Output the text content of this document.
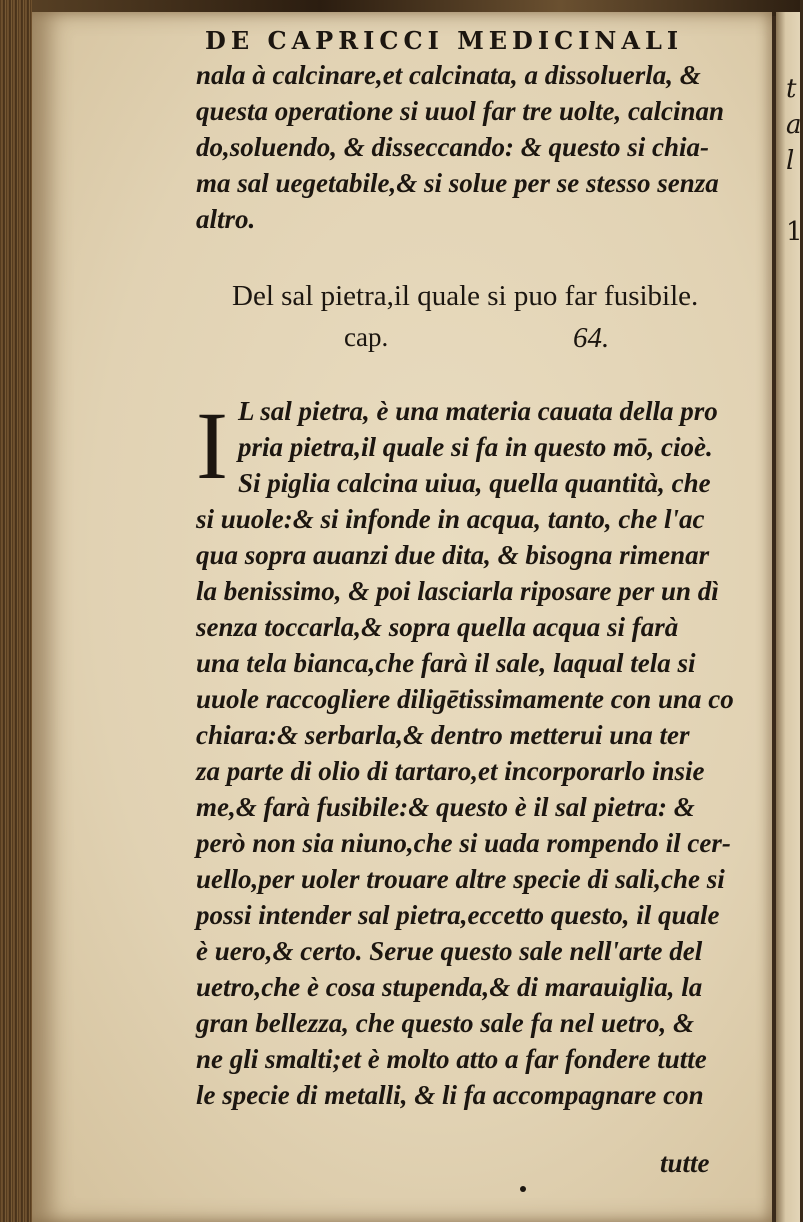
t
a
l
1
DE CAPRICCI MEDICINALI
nala à calcinare,et calcinata, a dissoluerla, &
questa operatione si uuol far tre uolte, calcinan
do,soluendo, & disseccando: & questo si chia-
ma sal uegetabile,& si solue per se stesso senza
altro.
Del sal pietra,il quale si puo far fusibile.
cap.	64.
I L sal pietra, è una materia cauata della pro
pria pietra,il quale si fa in questo mō, cioè.
Si piglia calcina uiua, quella quantità, che
si uuole:& si infonde in acqua, tanto, che l'ac
qua sopra auanzi due dita, & bisogna rimenar
la benissimo, & poi lasciarla riposare per un dì
senza toccarla,& sopra quella acqua si farà
una tela bianca,che farà il sale, laqual tela si
uuole raccogliere diligētissimamente con una co
chiara:& serbarla,& dentro metterui una ter
za parte di olio di tartaro,et incorporarlo insie
me,& farà fusibile:& questo è il sal pietra: &
però non sia niuno,che si uada rompendo il cer-
uello,per uoler trouare altre specie di sali,che si
possi intender sal pietra,eccetto questo, il quale
è uero,& certo. Serue questo sale nell'arte del
uetro,che è cosa stupenda,& di marauiglia, la
gran bellezza, che questo sale fa nel uetro, &
ne gli smalti;et è molto atto a far fondere tutte
le specie di metalli, & li fa accompagnare con
tutte
